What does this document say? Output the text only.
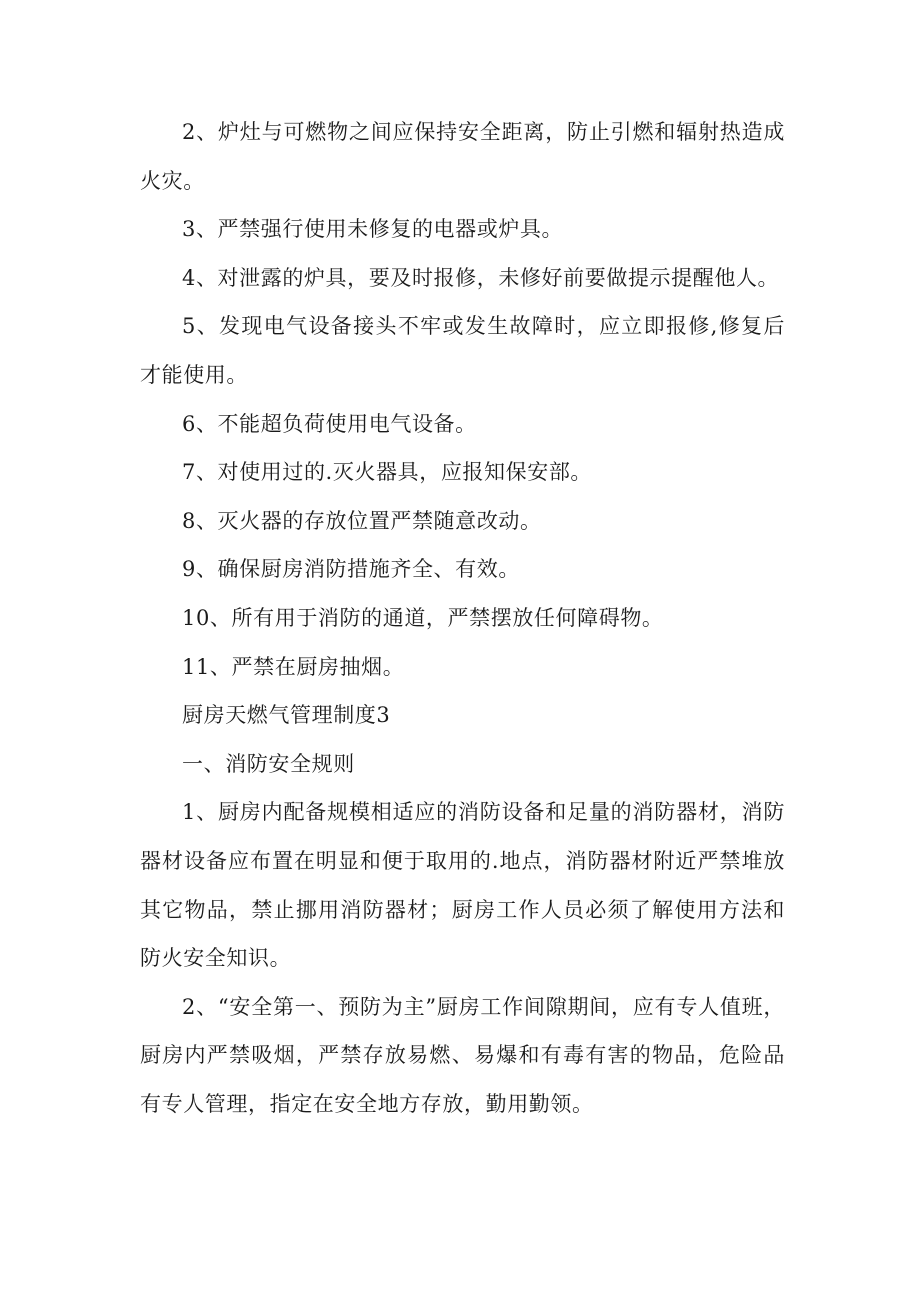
2、炉灶与可燃物之间应保持安全距离，防止引燃和辐射热造成火灾。

3、严禁强行使用未修复的电器或炉具。

4、对泄露的炉具，要及时报修，未修好前要做提示提醒他人。

5、发现电气设备接头不牢或发生故障时，应立即报修,修复后才能使用。

6、不能超负荷使用电气设备。

7、对使用过的.灭火器具，应报知保安部。

8、灭火器的存放位置严禁随意改动。

9、确保厨房消防措施齐全、有效。

10、所有用于消防的通道，严禁摆放任何障碍物。

11、严禁在厨房抽烟。

厨房天燃气管理制度3

一、消防安全规则

1、厨房内配备规模相适应的消防设备和足量的消防器材，消防器材设备应布置在明显和便于取用的.地点，消防器材附近严禁堆放其它物品，禁止挪用消防器材；厨房工作人员必须了解使用方法和防火安全知识。

2、“安全第一、预防为主”厨房工作间隙期间，应有专人值班，厨房内严禁吸烟，严禁存放易燃、易爆和有毒有害的物品，危险品有专人管理，指定在安全地方存放，勤用勤领。
